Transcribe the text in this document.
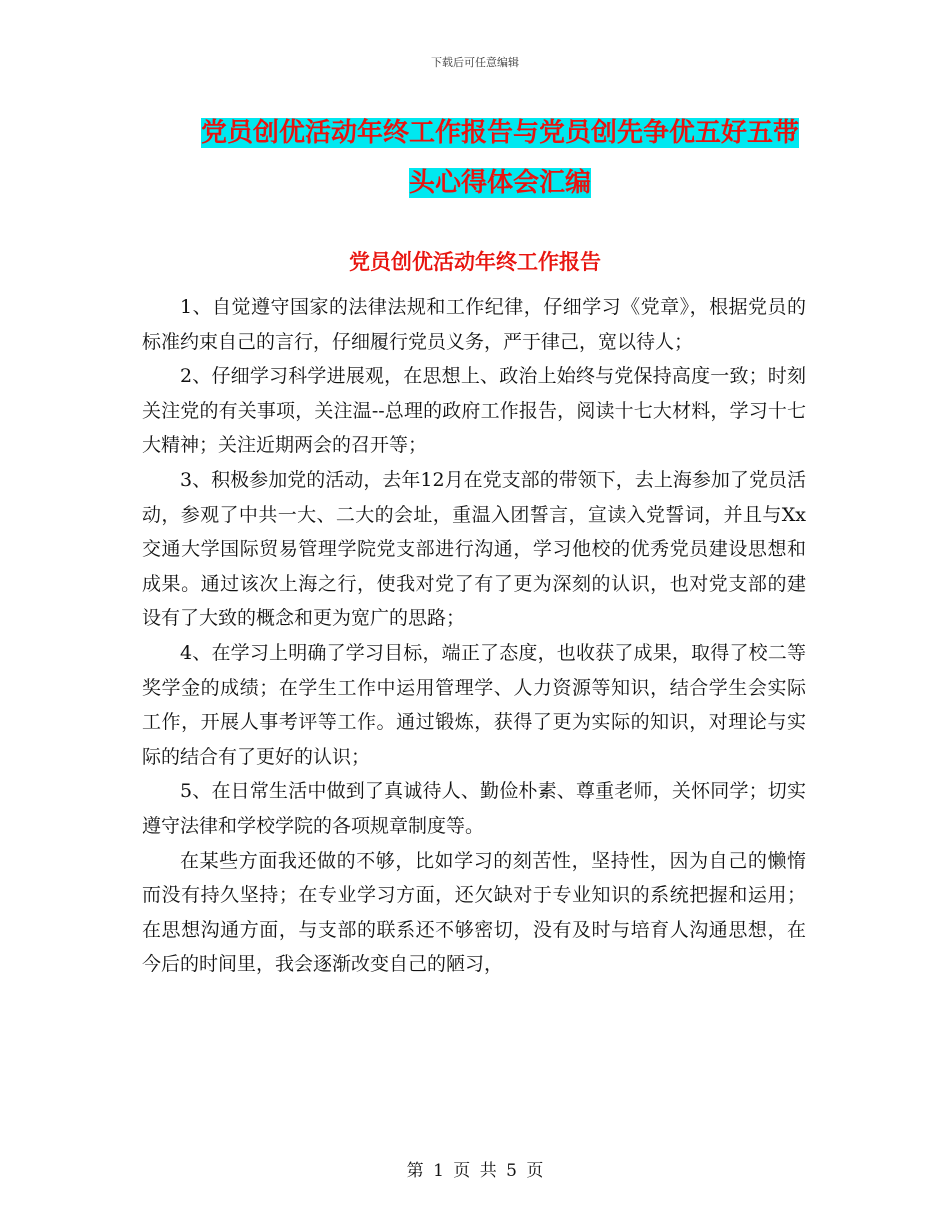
下载后可任意编辑
党员创优活动年终工作报告与党员创先争优五好五带
头心得体会汇编
党员创优活动年终工作报告

1、自觉遵守国家的法律法规和工作纪律，仔细学习《党章》，根据党员的标准约束自己的言行，仔细履行党员义务，严于律己，宽以待人；

2、仔细学习科学进展观，在思想上、政治上始终与党保持高度一致；时刻关注党的有关事项，关注温--总理的政府工作报告，阅读十七大材料，学习十七大精神；关注近期两会的召开等；

3、积极参加党的活动，去年12月在党支部的带领下，去上海参加了党员活动，参观了中共一大、二大的会址，重温入团誓言，宣读入党誓词，并且与Xx交通大学国际贸易管理学院党支部进行沟通，学习他校的优秀党员建设思想和成果。通过该次上海之行，使我对党了有了更为深刻的认识，也对党支部的建设有了大致的概念和更为宽广的思路；

4、在学习上明确了学习目标，端正了态度，也收获了成果，取得了校二等奖学金的成绩；在学生工作中运用管理学、人力资源等知识，结合学生会实际工作，开展人事考评等工作。通过锻炼，获得了更为实际的知识，对理论与实际的结合有了更好的认识；

5、在日常生活中做到了真诚待人、勤俭朴素、尊重老师，关怀同学；切实遵守法律和学校学院的各项规章制度等。

在某些方面我还做的不够，比如学习的刻苦性，坚持性，因为自己的懒惰而没有持久坚持；在专业学习方面，还欠缺对于专业知识的系统把握和运用；在思想沟通方面，与支部的联系还不够密切，没有及时与培育人沟通思想，在今后的时间里，我会逐渐改变自己的陋习，

第 1 页 共 5 页
